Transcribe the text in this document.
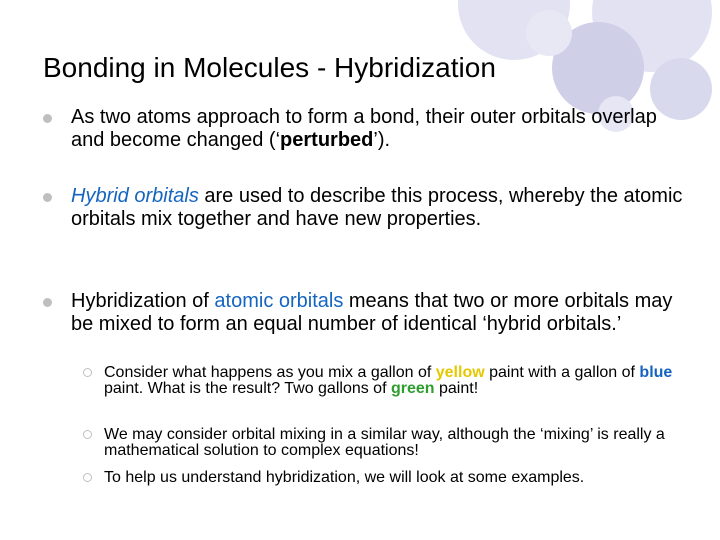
Bonding in Molecules - Hybridization
As two atoms approach to form a bond, their outer orbitals overlap and become changed (‘perturbed’).
Hybrid orbitals are used to describe this process, whereby the atomic orbitals mix together and have new properties.
Hybridization of atomic orbitals means that two or more orbitals may be mixed to form an equal number of identical ‘hybrid orbitals.’
Consider what happens as you mix a gallon of yellow paint with a gallon of blue paint. What is the result? Two gallons of green paint!
We may consider orbital mixing in a similar way, although the ‘mixing’ is really a mathematical solution to complex equations!
To help us understand hybridization, we will look at some examples.
